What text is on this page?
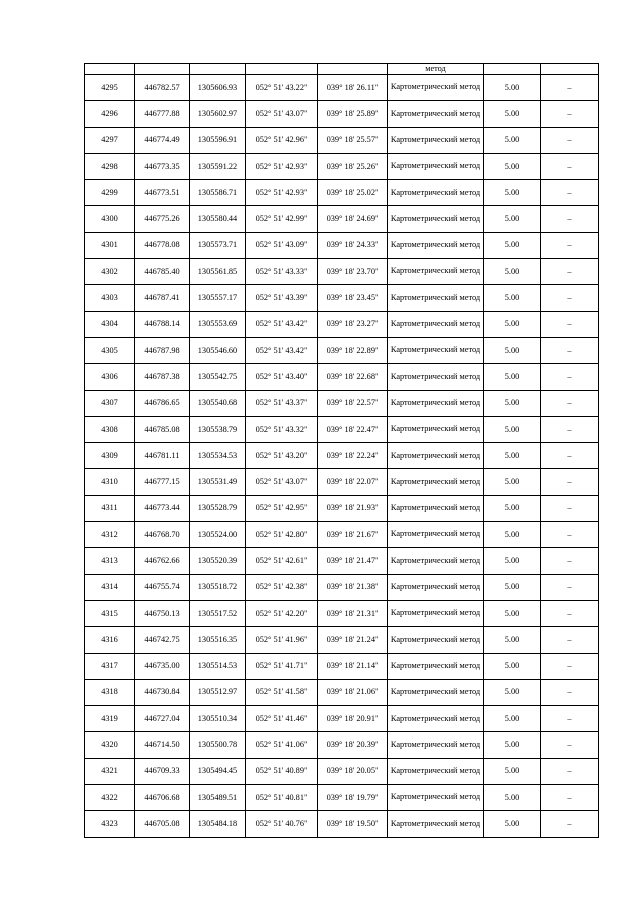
					метод		
4295	446782.57	1305606.93	052° 51' 43.22"	039° 18' 26.11"	Картометрический метод	5.00	–
4296	446777.88	1305602.97	052° 51' 43.07"	039° 18' 25.89"	Картометрический метод	5.00	–
4297	446774.49	1305596.91	052° 51' 42.96"	039° 18' 25.57"	Картометрический метод	5.00	–
4298	446773.35	1305591.22	052° 51' 42.93"	039° 18' 25.26"	Картометрический метод	5.00	–
4299	446773.51	1305586.71	052° 51' 42.93"	039° 18' 25.02"	Картометрический метод	5.00	–
4300	446775.26	1305580.44	052° 51' 42.99"	039° 18' 24.69"	Картометрический метод	5.00	–
4301	446778.08	1305573.71	052° 51' 43.09"	039° 18' 24.33"	Картометрический метод	5.00	–
4302	446785.40	1305561.85	052° 51' 43.33"	039° 18' 23.70"	Картометрический метод	5.00	–
4303	446787.41	1305557.17	052° 51' 43.39"	039° 18' 23.45"	Картометрический метод	5.00	–
4304	446788.14	1305553.69	052° 51' 43.42"	039° 18' 23.27"	Картометрический метод	5.00	–
4305	446787.98	1305546.60	052° 51' 43.42"	039° 18' 22.89"	Картометрический метод	5.00	–
4306	446787.38	1305542.75	052° 51' 43.40"	039° 18' 22.68"	Картометрический метод	5.00	–
4307	446786.65	1305540.68	052° 51' 43.37"	039° 18' 22.57"	Картометрический метод	5.00	–
4308	446785.08	1305538.79	052° 51' 43.32"	039° 18' 22.47"	Картометрический метод	5.00	–
4309	446781.11	1305534.53	052° 51' 43.20"	039° 18' 22.24"	Картометрический метод	5.00	–
4310	446777.15	1305531.49	052° 51' 43.07"	039° 18' 22.07"	Картометрический метод	5.00	–
4311	446773.44	1305528.79	052° 51' 42.95"	039° 18' 21.93"	Картометрический метод	5.00	–
4312	446768.70	1305524.00	052° 51' 42.80"	039° 18' 21.67"	Картометрический метод	5.00	–
4313	446762.66	1305520.39	052° 51' 42.61"	039° 18' 21.47"	Картометрический метод	5.00	–
4314	446755.74	1305518.72	052° 51' 42.38"	039° 18' 21.38"	Картометрический метод	5.00	–
4315	446750.13	1305517.52	052° 51' 42.20"	039° 18' 21.31"	Картометрический метод	5.00	–
4316	446742.75	1305516.35	052° 51' 41.96"	039° 18' 21.24"	Картометрический метод	5.00	–
4317	446735.00	1305514.53	052° 51' 41.71"	039° 18' 21.14"	Картометрический метод	5.00	–
4318	446730.84	1305512.97	052° 51' 41.58"	039° 18' 21.06"	Картометрический метод	5.00	–
4319	446727.04	1305510.34	052° 51' 41.46"	039° 18' 20.91"	Картометрический метод	5.00	–
4320	446714.50	1305500.78	052° 51' 41.06"	039° 18' 20.39"	Картометрический метод	5.00	–
4321	446709.33	1305494.45	052° 51' 40.89"	039° 18' 20.05"	Картометрический метод	5.00	–
4322	446706.68	1305489.51	052° 51' 40.81"	039° 18' 19.79"	Картометрический метод	5.00	–
4323	446705.08	1305484.18	052° 51' 40.76"	039° 18' 19.50"	Картометрический метод	5.00	–
